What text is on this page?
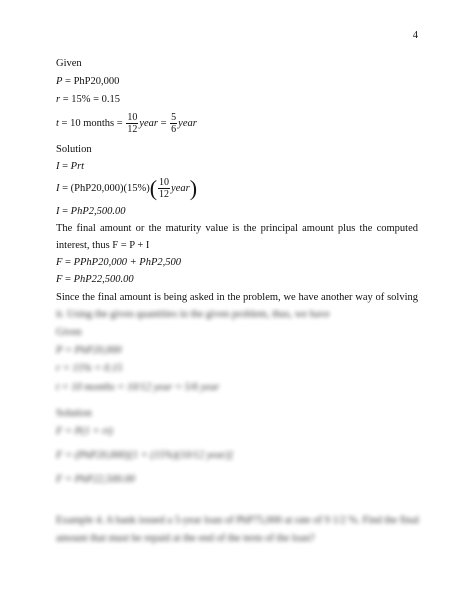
4
Given
P = PhP20,000
r = 15% = 0.15
t = 10 months = $\frac{10}{12}$ year = $\frac{5}{6}$ year
Solution
I = Prt
$I = (PhP20,000)(15\%)( \frac{10}{12}$ year)
I = PhP2,500.00
The final amount or the maturity value is the principal amount plus the computed
interest, thus F = P + I
F = PPhP20,000 + PhP2,500
F = PhP22,500.00
Since the final amount is being asked in the problem, we have another way of solving
it. Using the given quantities in the given problem, thus, we have
Given
P = PhP20,000
r = 15% = 0.15
t = 10 months = 10/12 year = 5/6 year
Solution
F = P(1 + rt)
F = (PhP20,000)[1 + (15%)(10/12 year)]
F = PhP22,500.00
Example 4. A bank issued a 5-year loan of PhP75,000 at rate of 9 1/2 %. Find the final
amount that must be repaid at the end of the term of the loan?
